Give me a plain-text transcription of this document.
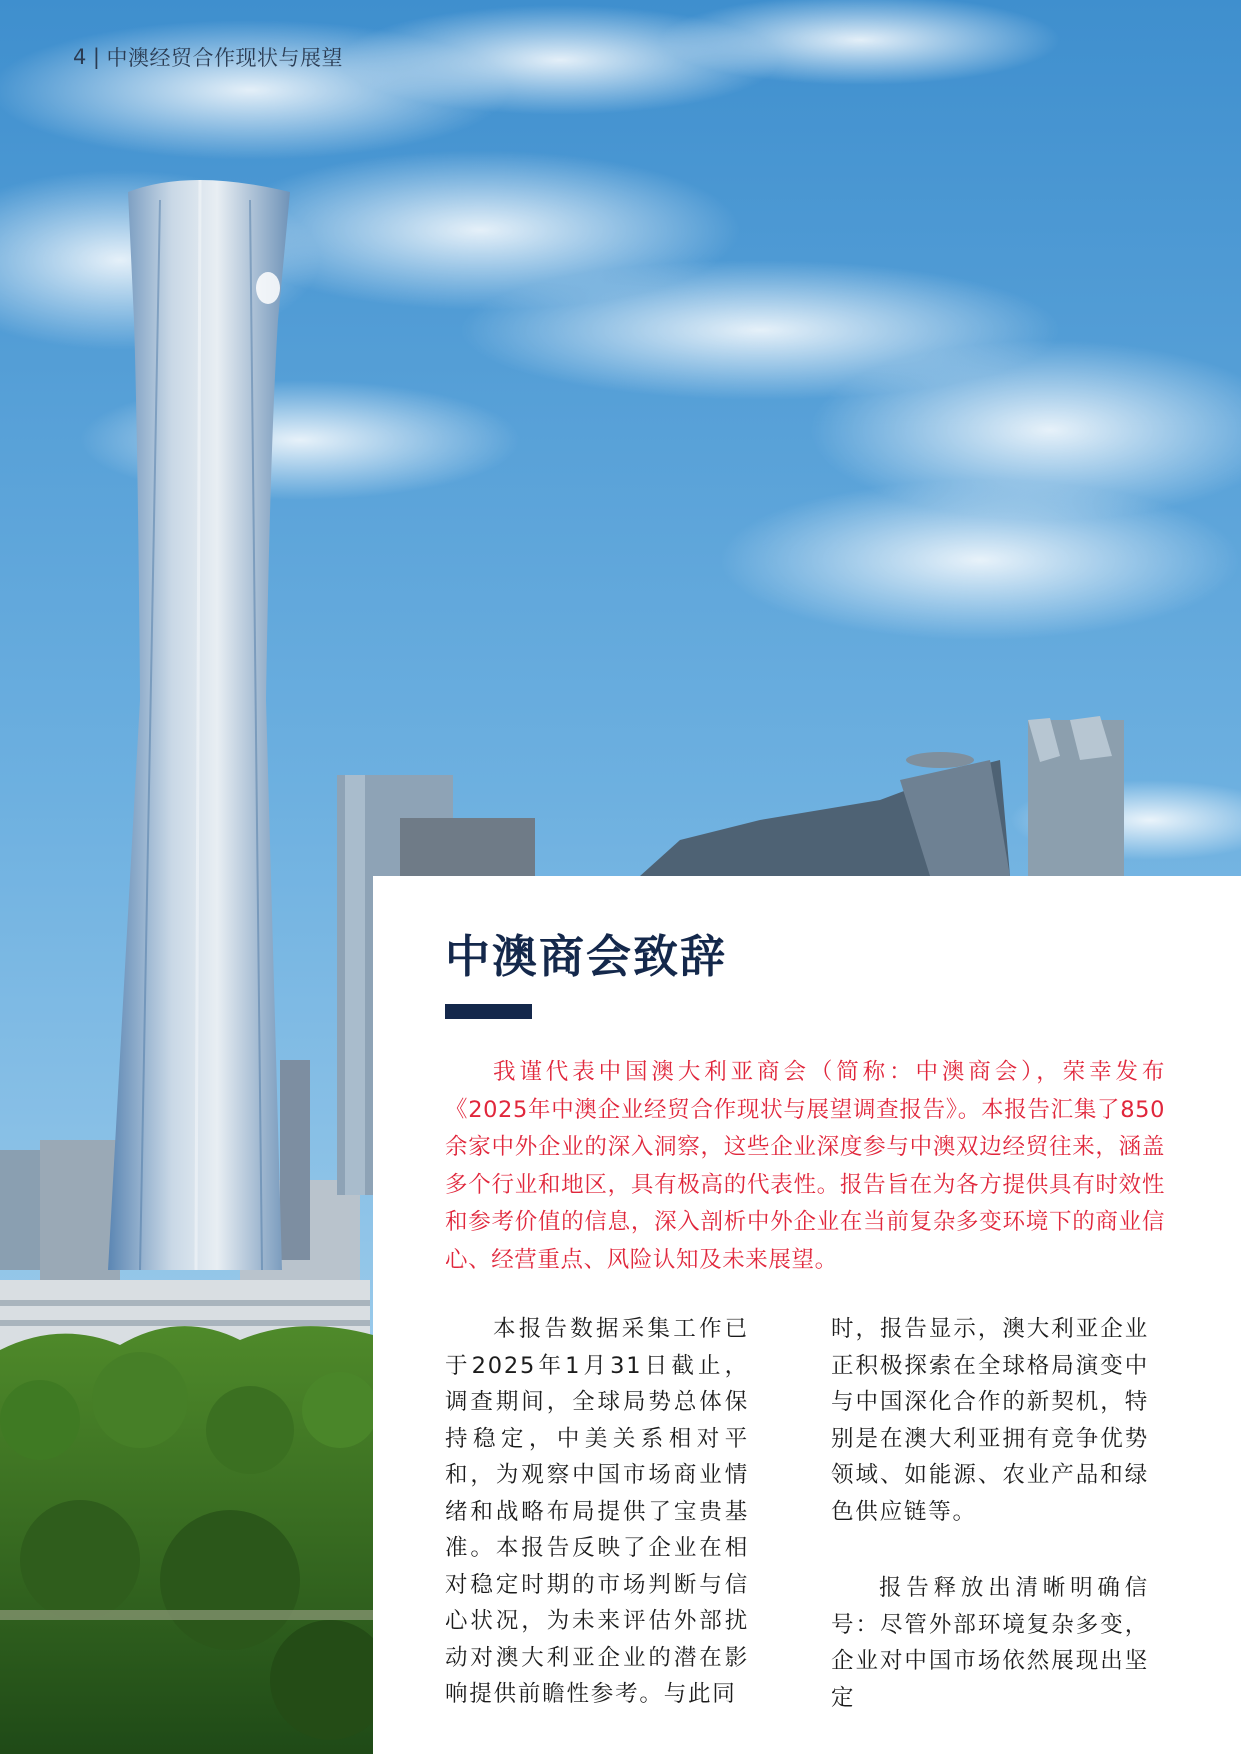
4 | 中澳经贸合作现状与展望
中澳商会致辞

我谨代表中国澳大利亚商会（简称：中澳商会），荣幸发布《2025年中澳企业经贸合作现状与展望调查报告》。本报告汇集了850余家中外企业的深入洞察，这些企业深度参与中澳双边经贸往来，涵盖多个行业和地区，具有极高的代表性。报告旨在为各方提供具有时效性和参考价值的信息，深入剖析中外企业在当前复杂多变环境下的商业信心、经营重点、风险认知及未来展望。

本报告数据采集工作已于2025年1月31日截止，调查期间，全球局势总体保持稳定，中美关系相对平和，为观察中国市场商业情绪和战略布局提供了宝贵基准。本报告反映了企业在相对稳定时期的市场判断与信心状况，为未来评估外部扰动对澳大利亚企业的潜在影响提供前瞻性参考。与此同

时，报告显示，澳大利亚企业正积极探索在全球格局演变中与中国深化合作的新契机，特别是在澳大利亚拥有竞争优势领域、如能源、农业产品和绿色供应链等。

报告释放出清晰明确信号：尽管外部环境复杂多变，企业对中国市场依然展现出坚定
